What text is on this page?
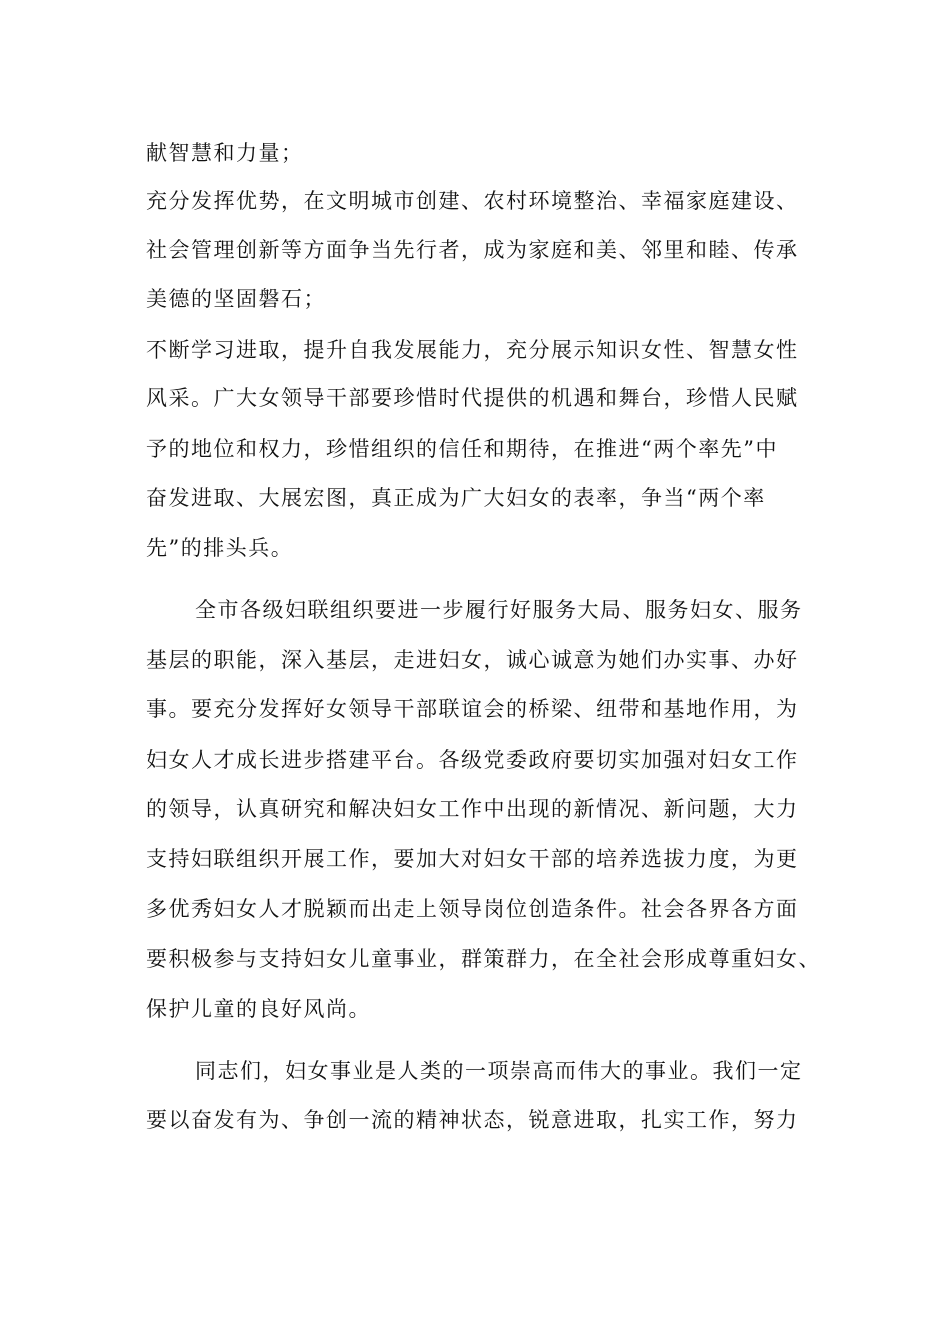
献智慧和力量；
充分发挥优势，在文明城市创建、农村环境整治、幸福家庭建设、
社会管理创新等方面争当先行者，成为家庭和美、邻里和睦、传承
美德的坚固磐石；
不断学习进取，提升自我发展能力，充分展示知识女性、智慧女性
风采。广大女领导干部要珍惜时代提供的机遇和舞台，珍惜人民赋
予的地位和权力，珍惜组织的信任和期待，在推进“两个率先”中
奋发进取、大展宏图，真正成为广大妇女的表率，争当“两个率
先”的排头兵。
全市各级妇联组织要进一步履行好服务大局、服务妇女、服务
基层的职能，深入基层，走进妇女，诚心诚意为她们办实事、办好
事。要充分发挥好女领导干部联谊会的桥梁、纽带和基地作用，为
妇女人才成长进步搭建平台。各级党委政府要切实加强对妇女工作
的领导，认真研究和解决妇女工作中出现的新情况、新问题，大力
支持妇联组织开展工作，要加大对妇女干部的培养选拔力度，为更
多优秀妇女人才脱颖而出走上领导岗位创造条件。社会各界各方面
要积极参与支持妇女儿童事业，群策群力，在全社会形成尊重妇女、
保护儿童的良好风尚。
同志们，妇女事业是人类的一项崇高而伟大的事业。我们一定
要以奋发有为、争创一流的精神状态，锐意进取，扎实工作，努力
